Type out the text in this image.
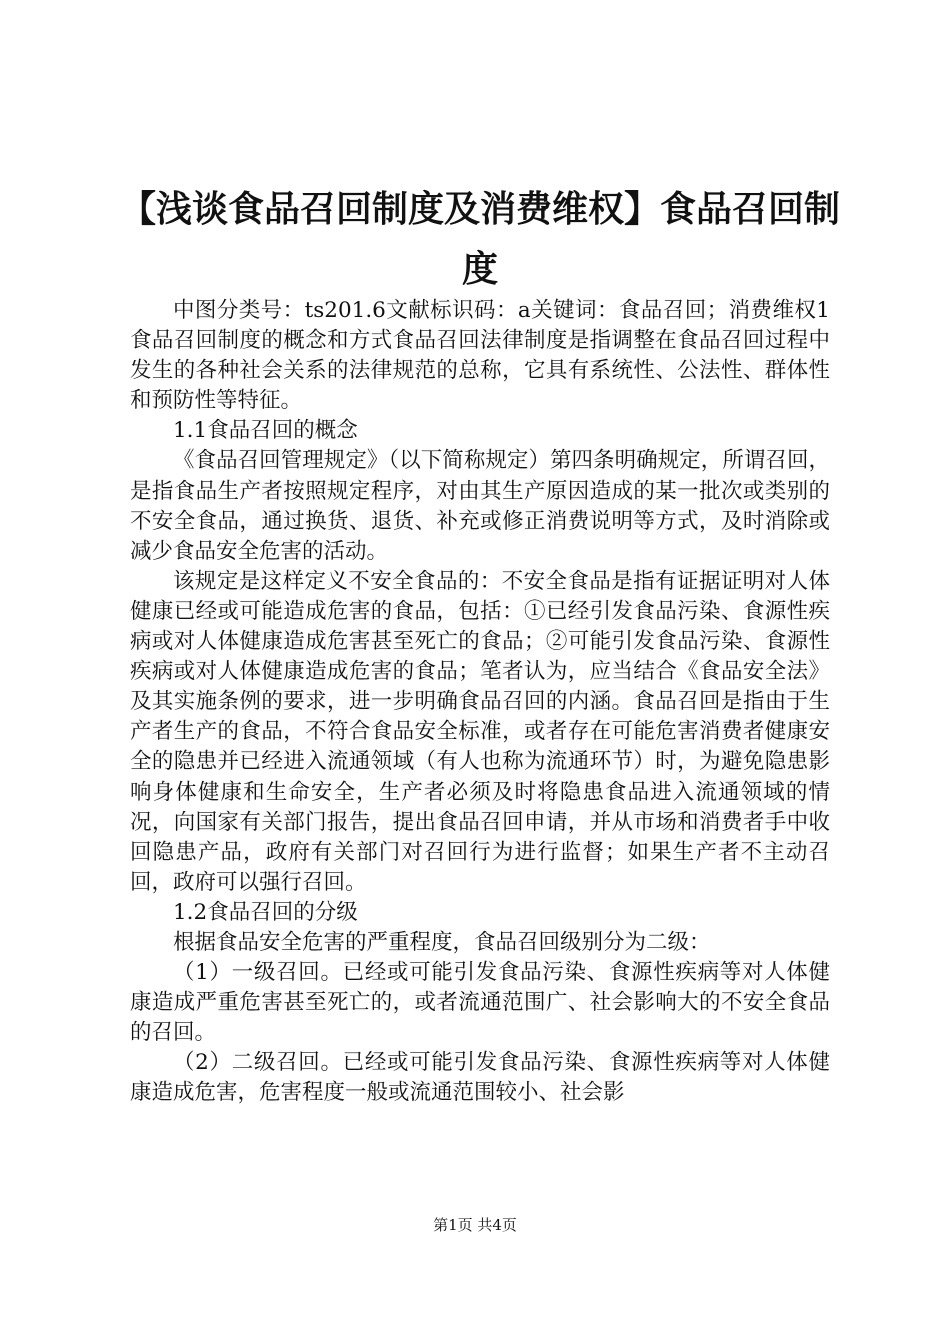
【浅谈食品召回制度及消费维权】食品召回制度

中图分类号：ts201.6文献标识码：a关键词：食品召回；消费维权1食品召回制度的概念和方式食品召回法律制度是指调整在食品召回过程中发生的各种社会关系的法律规范的总称，它具有系统性、公法性、群体性和预防性等特征。

1.1食品召回的概念

《食品召回管理规定》（以下简称规定）第四条明确规定，所谓召回，是指食品生产者按照规定程序，对由其生产原因造成的某一批次或类别的不安全食品，通过换货、退货、补充或修正消费说明等方式，及时消除或减少食品安全危害的活动。

该规定是这样定义不安全食品的：不安全食品是指有证据证明对人体健康已经或可能造成危害的食品，包括：①已经引发食品污染、食源性疾病或对人体健康造成危害甚至死亡的食品；②可能引发食品污染、食源性疾病或对人体健康造成危害的食品；笔者认为，应当结合《食品安全法》及其实施条例的要求，进一步明确食品召回的内涵。食品召回是指由于生产者生产的食品，不符合食品安全标准，或者存在可能危害消费者健康安全的隐患并已经进入流通领域（有人也称为流通环节）时，为避免隐患影响身体健康和生命安全，生产者必须及时将隐患食品进入流通领域的情况，向国家有关部门报告，提出食品召回申请，并从市场和消费者手中收回隐患产品，政府有关部门对召回行为进行监督；如果生产者不主动召回，政府可以强行召回。

1.2食品召回的分级

根据食品安全危害的严重程度，食品召回级别分为二级：

（1）一级召回。已经或可能引发食品污染、食源性疾病等对人体健康造成严重危害甚至死亡的，或者流通范围广、社会影响大的不安全食品的召回。

（2）二级召回。已经或可能引发食品污染、食源性疾病等对人体健康造成危害，危害程度一般或流通范围较小、社会影

第1页 共4页
